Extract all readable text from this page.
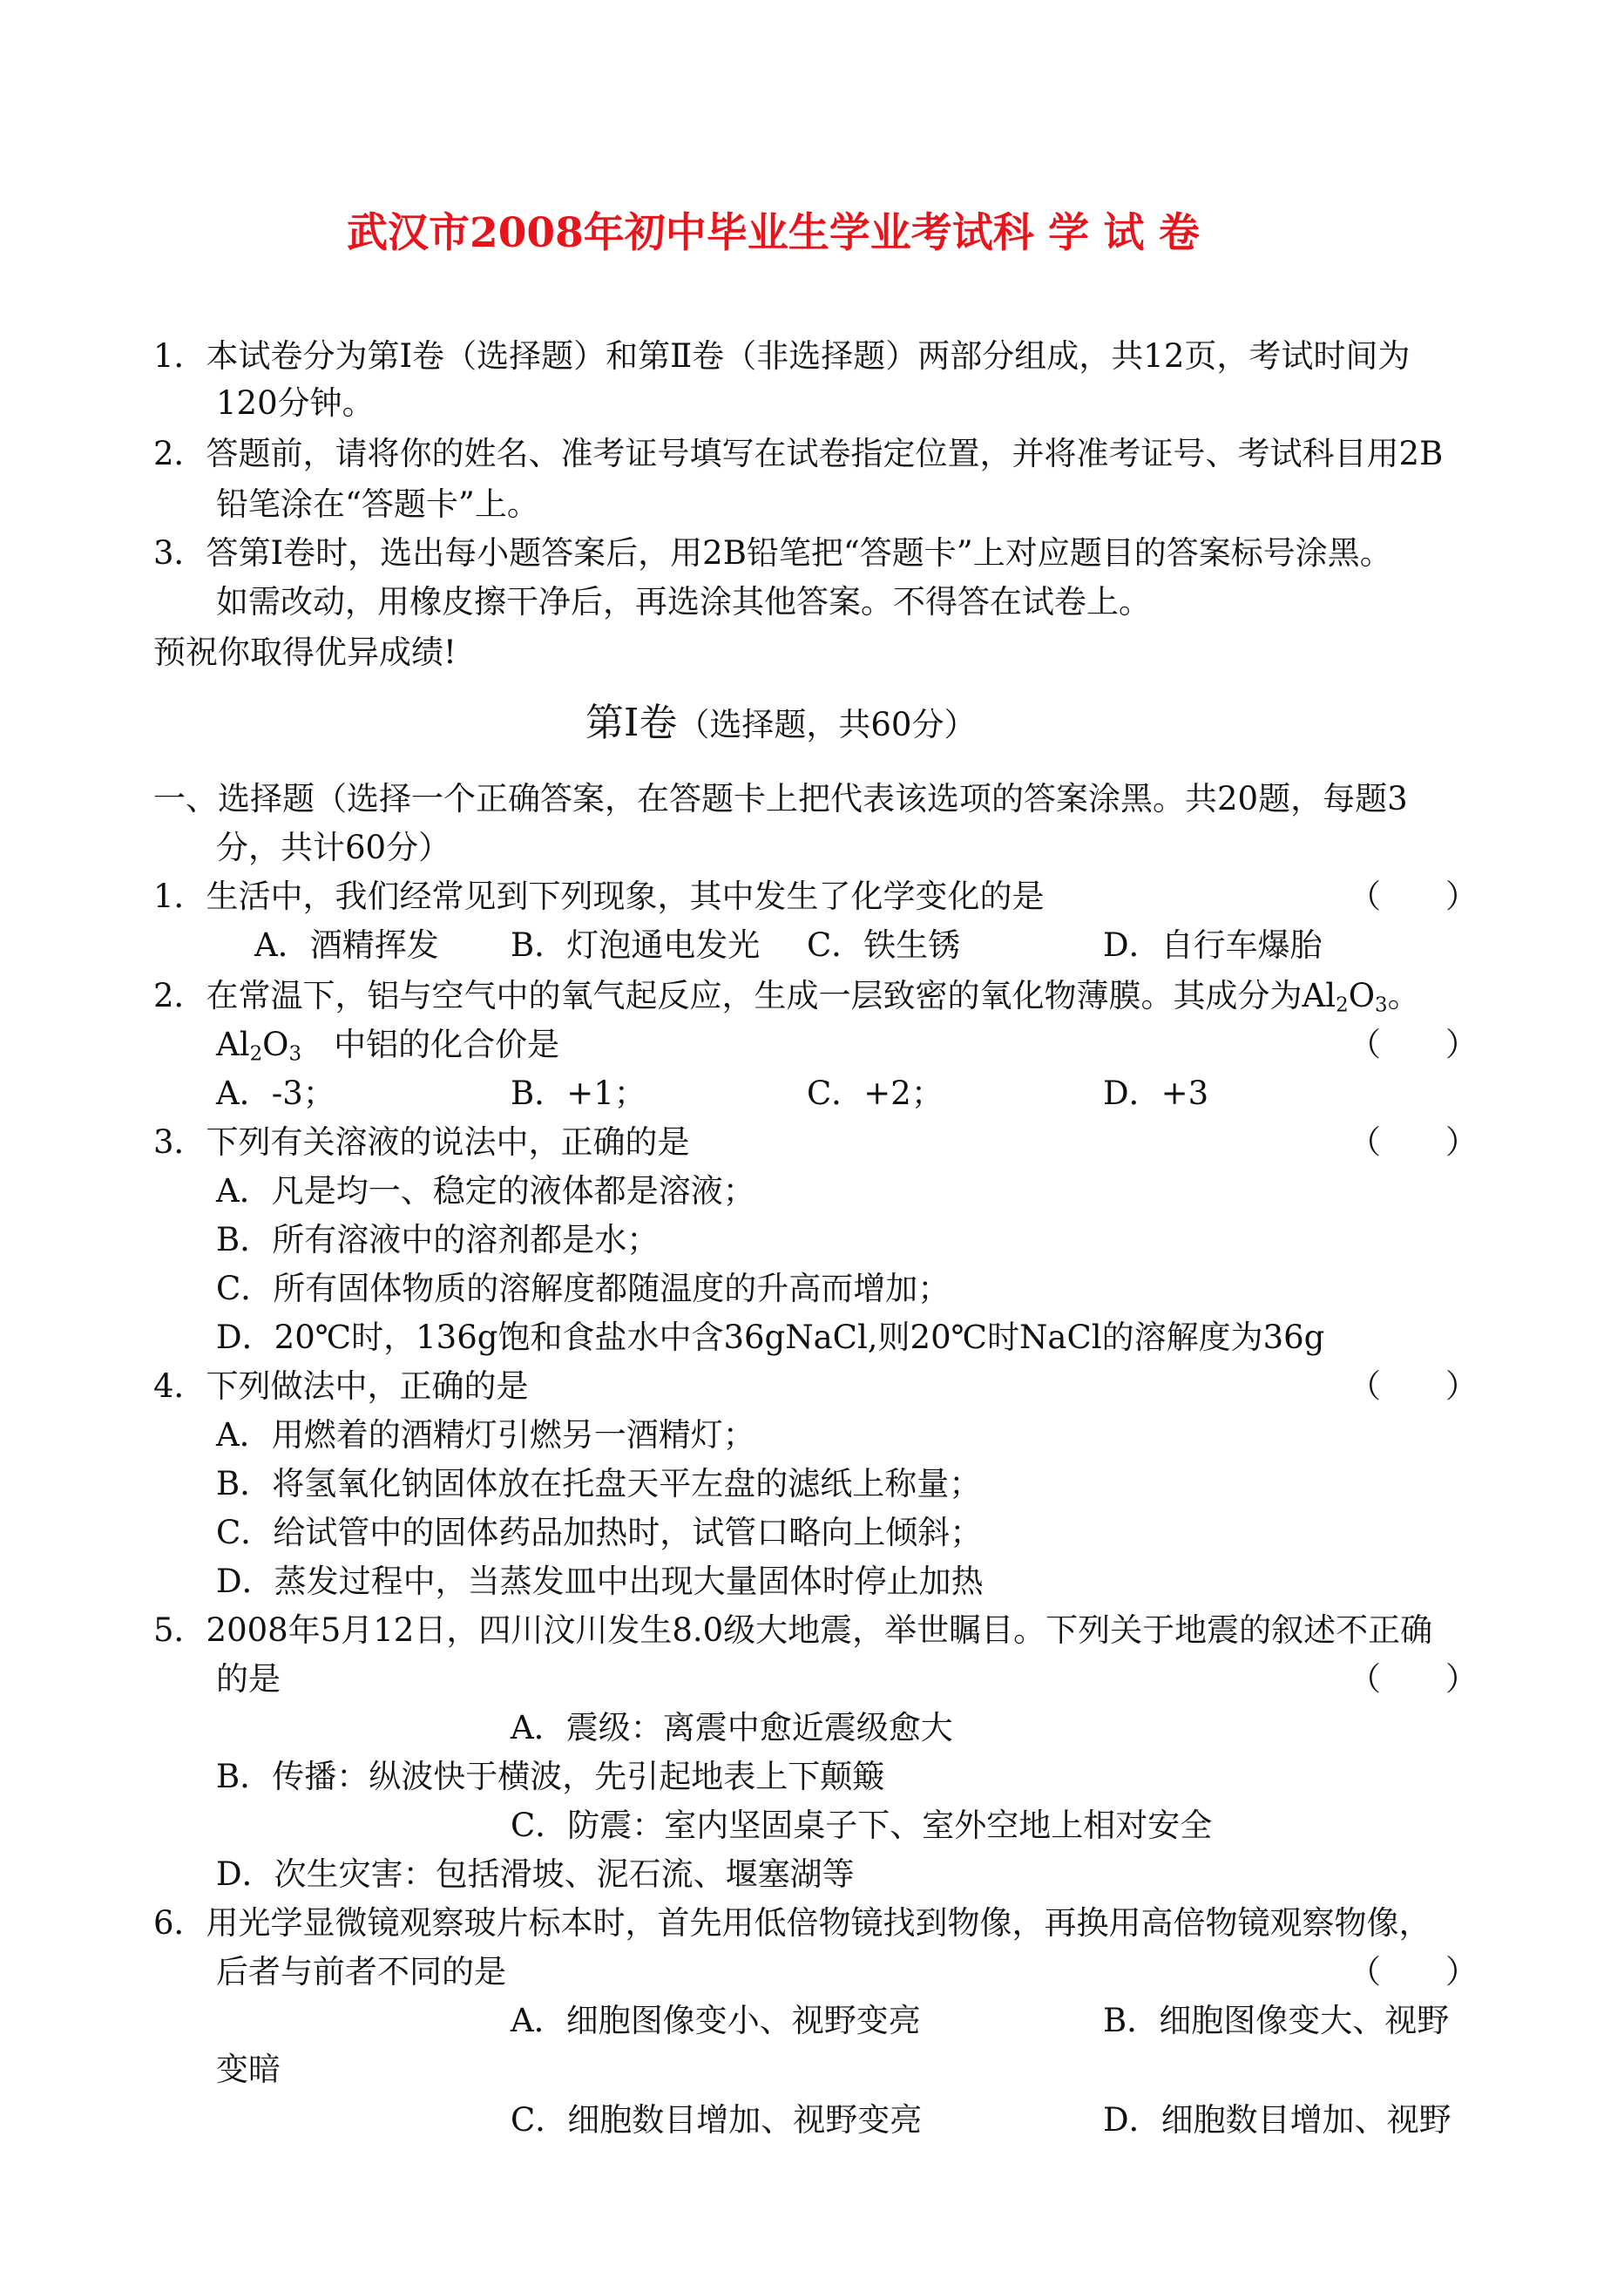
武汉市2008年初中毕业生学业考试科 学 试 卷
1．本试卷分为第Ⅰ卷（选择题）和第Ⅱ卷（非选择题）两部分组成，共12页，考试时间为
120分钟。
2．答题前，请将你的姓名、准考证号填写在试卷指定位置，并将准考证号、考试科目用2B
铅笔涂在“答题卡”上。
3．答第Ⅰ卷时，选出每小题答案后，用2B铅笔把“答题卡”上对应题目的答案标号涂黑。
如需改动，用橡皮擦干净后，再选涂其他答案。不得答在试卷上。
预祝你取得优异成绩!
第Ⅰ卷（选择题，共60分）
一、选择题（选择一个正确答案，在答题卡上把代表该选项的答案涂黑。共20题，每题3
分，共计60分）
1．生活中，我们经常见到下列现象，其中发生了化学变化的是	（　　）
A．酒精挥发 B．灯泡通电发光 C．铁生锈	D．自行车爆胎
2．在常温下，铝与空气中的氧气起反应，生成一层致密的氧化物薄膜。其成分为$Al_2O_3$。
$Al_2O_3$　中铝的化合价是	（　　）
A．-3；	B．+1；	C．+2；	D．+3
3．下列有关溶液的说法中，正确的是	（　　）
A．凡是均一、稳定的液体都是溶液；
B．所有溶液中的溶剂都是水；
C．所有固体物质的溶解度都随温度的升高而增加；
D．20℃时，136g饱和食盐水中含36gNaCl,则20℃时NaCl的溶解度为36g
4．下列做法中，正确的是	（　　）
A．用燃着的酒精灯引燃另一酒精灯；
B．将氢氧化钠固体放在托盘天平左盘的滤纸上称量；
C．给试管中的固体药品加热时，试管口略向上倾斜；
D．蒸发过程中，当蒸发皿中出现大量固体时停止加热
5．2008年5月12日，四川汶川发生8.0级大地震，举世瞩目。下列关于地震的叙述不正确
的是	（　　）
A．震级：离震中愈近震级愈大
B．传播：纵波快于横波，先引起地表上下颠簸
C．防震：室内坚固桌子下、室外空地上相对安全
D．次生灾害：包括滑坡、泥石流、堰塞湖等
6．用光学显微镜观察玻片标本时，首先用低倍物镜找到物像，再换用高倍物镜观察物像，
后者与前者不同的是	（　　）
A．细胞图像变小、视野变亮	B．细胞图像变大、视野
变暗
C．细胞数目增加、视野变亮	D．细胞数目增加、视野
